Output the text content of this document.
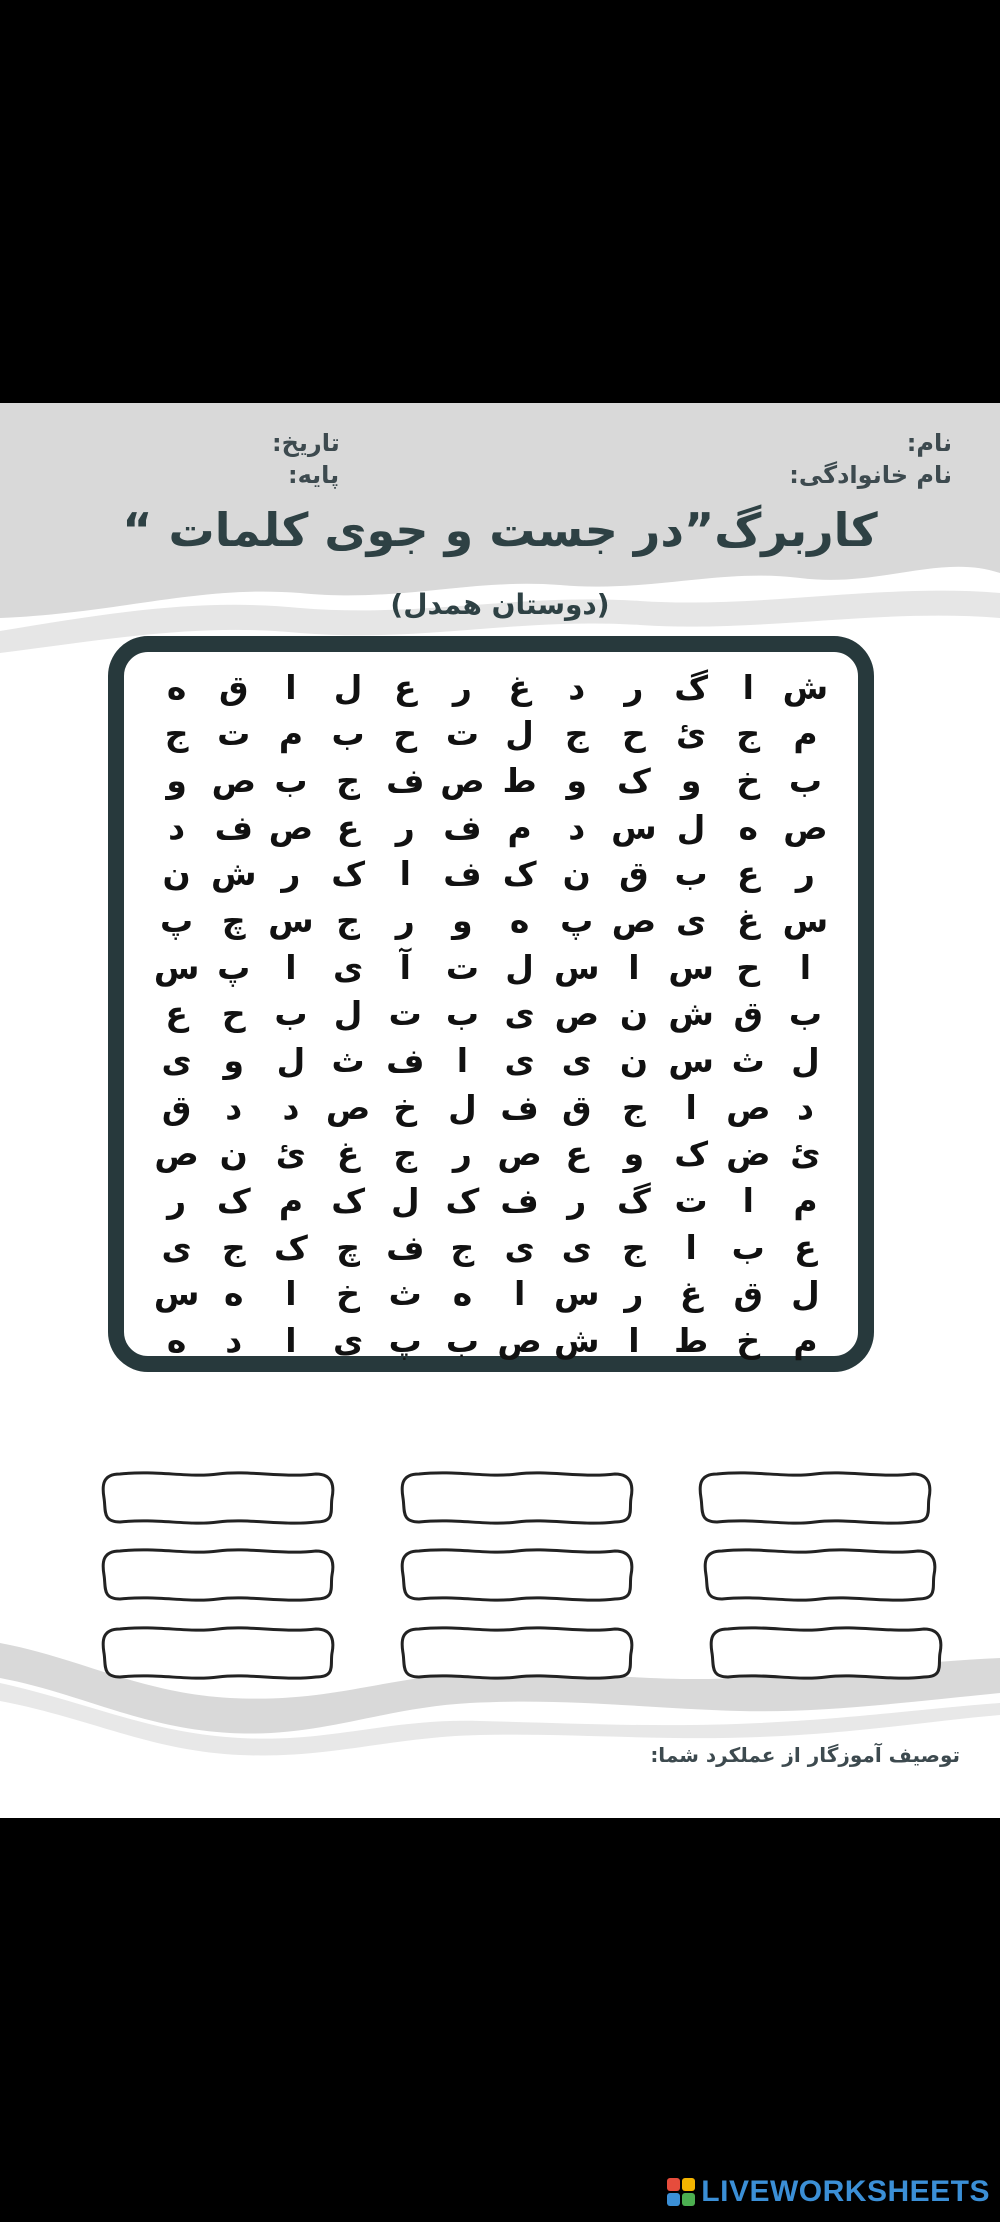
نام:
نام خانوادگی:
تاریخ:
پایه:
کاربرگ”در جست و جوی کلمات “
(دوستان همدل)
ش
ا
گ
ر
د
غ
ر
ع
ل
ا
ق
ه
م
ج
ئ
ح
ج
ل
ت
ح
ب
م
ت
ج
ب
خ
و
ک
و
ط
ص
ف
ج
ب
ص
و
ص
ه
ل
س
د
م
ف
ر
ع
ص
ف
د
ر
ع
ب
ق
ن
ک
ف
ا
ک
ر
ش
ن
س
غ
ی
ص
پ
ه
و
ر
ج
س
چ
پ
ا
ح
س
ا
س
ل
ت
آ
ی
ا
پ
س
ب
ق
ش
ن
ص
ی
ب
ت
ل
ب
ح
ع
ل
ث
س
ن
ی
ی
ا
ف
ث
ل
و
ی
د
ص
ا
ج
ق
ف
ل
خ
ص
د
د
ق
ئ
ض
ک
و
ع
ص
ر
ج
غ
ئ
ن
ص
م
ا
ت
گ
ر
ف
ک
ل
ک
م
ک
ر
ع
ب
ا
ج
ی
ی
ج
ف
چ
ک
ج
ی
ل
ق
غ
ر
س
ا
ه
ث
خ
ا
ه
س
م
خ
ط
ا
ش
ص
ب
پ
ی
ا
د
ه
توصیف آموزگار از عملکرد شما:
LIVEWORKSHEETS
